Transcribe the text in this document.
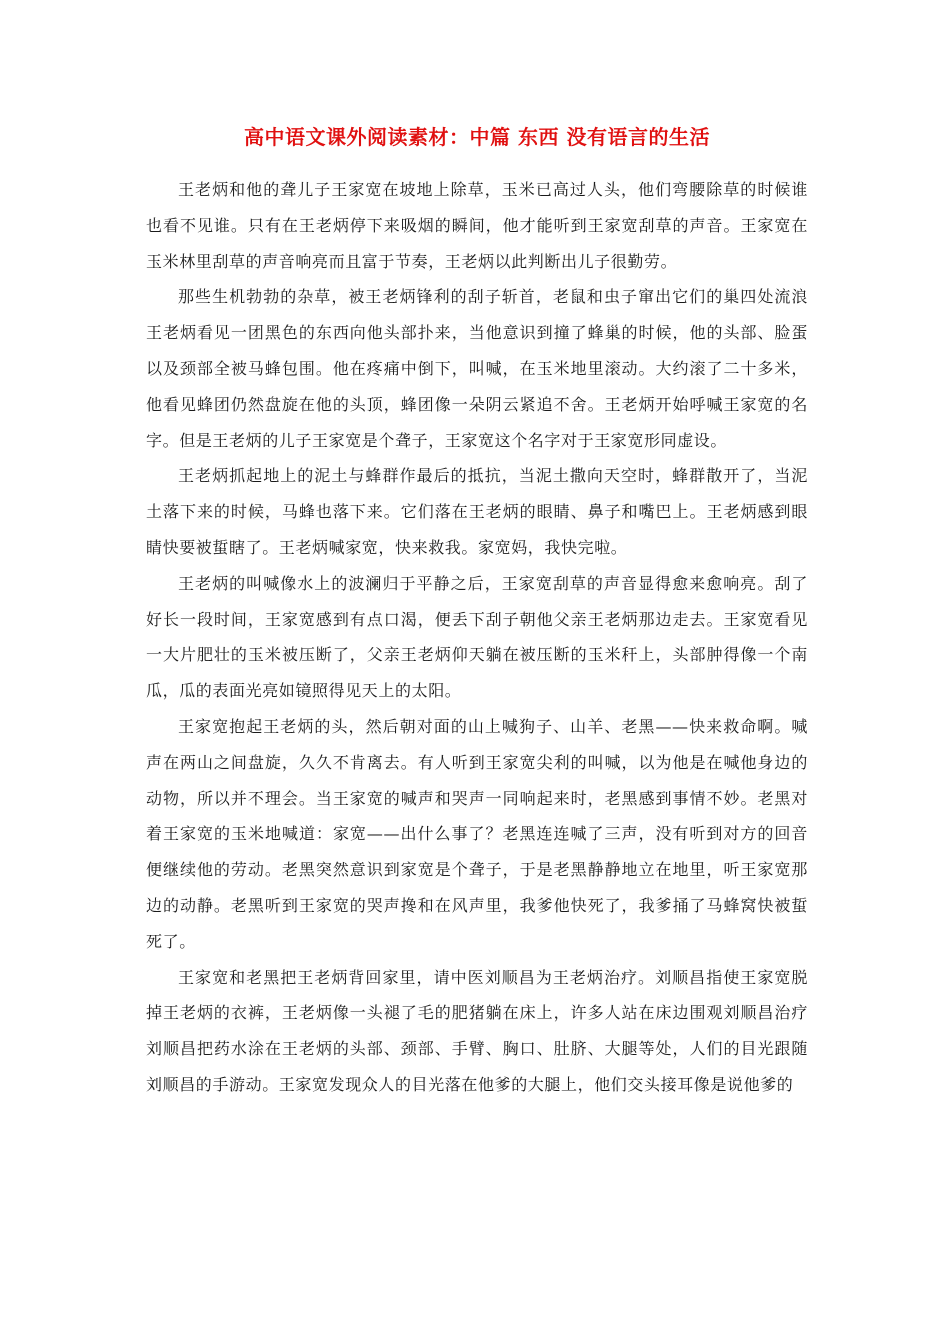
高中语文课外阅读素材：中篇 东西 没有语言的生活

王老炳和他的聋儿子王家宽在坡地上除草，玉米已高过人头，他们弯腰除草的时候谁也看不见谁。只有在王老炳停下来吸烟的瞬间，他才能听到王家宽刮草的声音。王家宽在玉米林里刮草的声音响亮而且富于节奏，王老炳以此判断出儿子很勤劳。

那些生机勃勃的杂草，被王老炳锋利的刮子斩首，老鼠和虫子窜出它们的巢四处流浪王老炳看见一团黑色的东西向他头部扑来，当他意识到撞了蜂巢的时候，他的头部、脸蛋以及颈部全被马蜂包围。他在疼痛中倒下，叫喊，在玉米地里滚动。大约滚了二十多米，他看见蜂团仍然盘旋在他的头顶，蜂团像一朵阴云紧追不舍。王老炳开始呼喊王家宽的名字。但是王老炳的儿子王家宽是个聋子，王家宽这个名字对于王家宽形同虚设。

王老炳抓起地上的泥土与蜂群作最后的抵抗，当泥土撒向天空时，蜂群散开了，当泥土落下来的时候，马蜂也落下来。它们落在王老炳的眼睛、鼻子和嘴巴上。王老炳感到眼睛快要被蜇瞎了。王老炳喊家宽，快来救我。家宽妈，我快完啦。

王老炳的叫喊像水上的波澜归于平静之后，王家宽刮草的声音显得愈来愈响亮。刮了好长一段时间，王家宽感到有点口渴，便丢下刮子朝他父亲王老炳那边走去。王家宽看见一大片肥壮的玉米被压断了，父亲王老炳仰天躺在被压断的玉米秆上，头部肿得像一个南瓜，瓜的表面光亮如镜照得见天上的太阳。

王家宽抱起王老炳的头，然后朝对面的山上喊狗子、山羊、老黑——快来救命啊。喊声在两山之间盘旋，久久不肯离去。有人听到王家宽尖利的叫喊，以为他是在喊他身边的动物，所以并不理会。当王家宽的喊声和哭声一同响起来时，老黑感到事情不妙。老黑对着王家宽的玉米地喊道：家宽——出什么事了？老黑连连喊了三声，没有听到对方的回音便继续他的劳动。老黑突然意识到家宽是个聋子，于是老黑静静地立在地里，听王家宽那边的动静。老黑听到王家宽的哭声搀和在风声里，我爹他快死了，我爹捅了马蜂窝快被蜇死了。

王家宽和老黑把王老炳背回家里，请中医刘顺昌为王老炳治疗。刘顺昌指使王家宽脱掉王老炳的衣裤，王老炳像一头褪了毛的肥猪躺在床上，许多人站在床边围观刘顺昌治疗刘顺昌把药水涂在王老炳的头部、颈部、手臂、胸口、肚脐、大腿等处，人们的目光跟随刘顺昌的手游动。王家宽发现众人的目光落在他爹的大腿上，他们交头接耳像是说他爹的
